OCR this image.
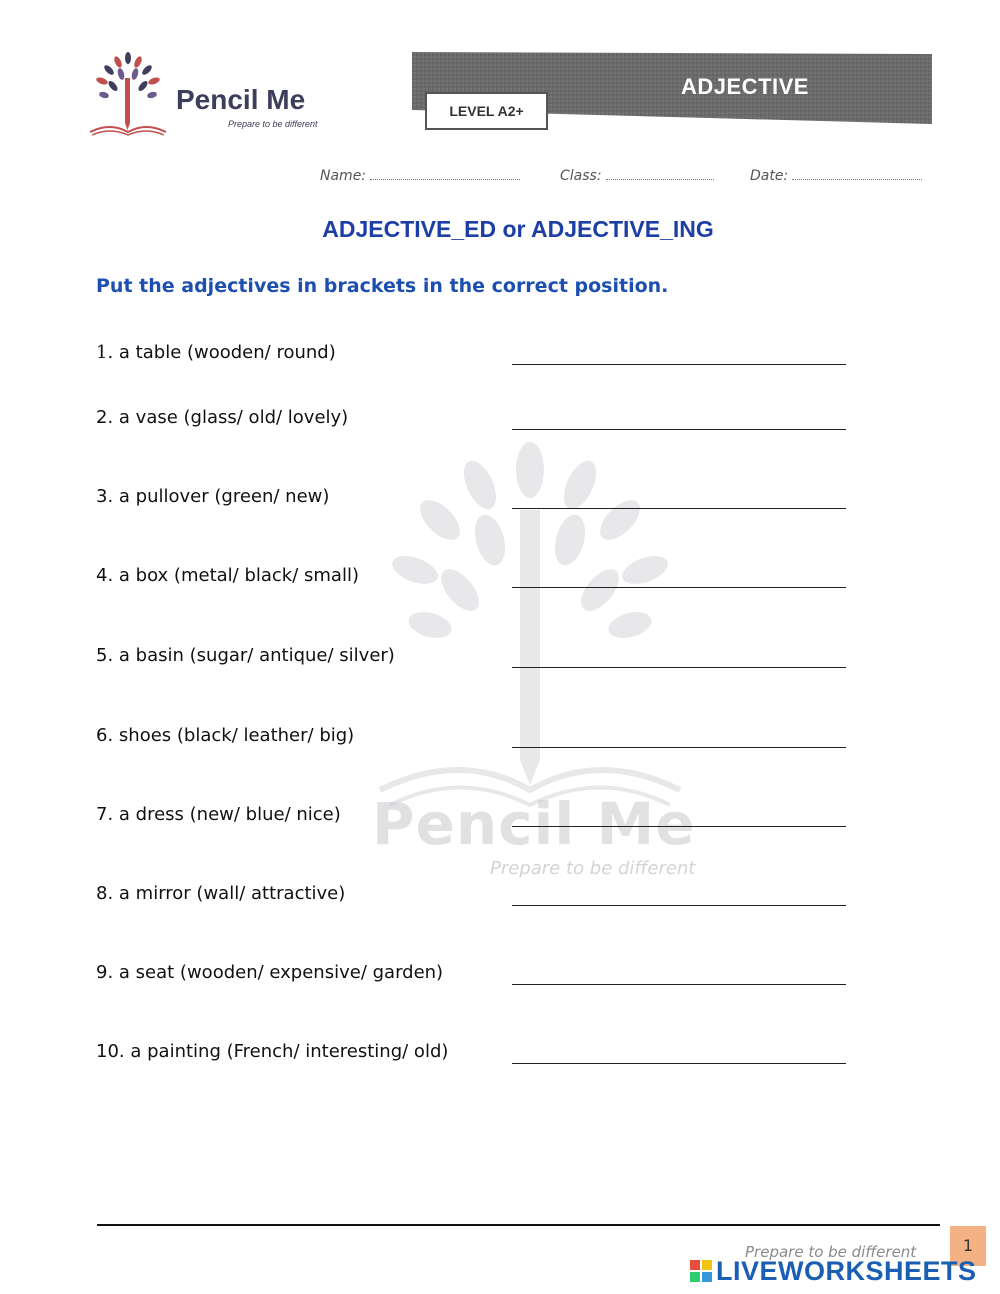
Pencil Me
Prepare to be different
Pencil Me
Prepare to be different
ADJECTIVE
LEVEL A2+
Name:	Class:	Date:
ADJECTIVE_ED or ADJECTIVE_ING
Put the adjectives in brackets in the correct position.
1. a table (wooden/ round)
2. a vase (glass/ old/ lovely)
3. a pullover (green/ new)
4. a box (metal/ black/ small)
5. a basin (sugar/ antique/ silver)
6. shoes (black/ leather/ big)
7. a dress (new/ blue/ nice)
8. a mirror (wall/ attractive)
9. a seat (wooden/ expensive/ garden)
10. a painting (French/ interesting/ old)
Prepare to be different	1
LIVEWORKSHEETS
